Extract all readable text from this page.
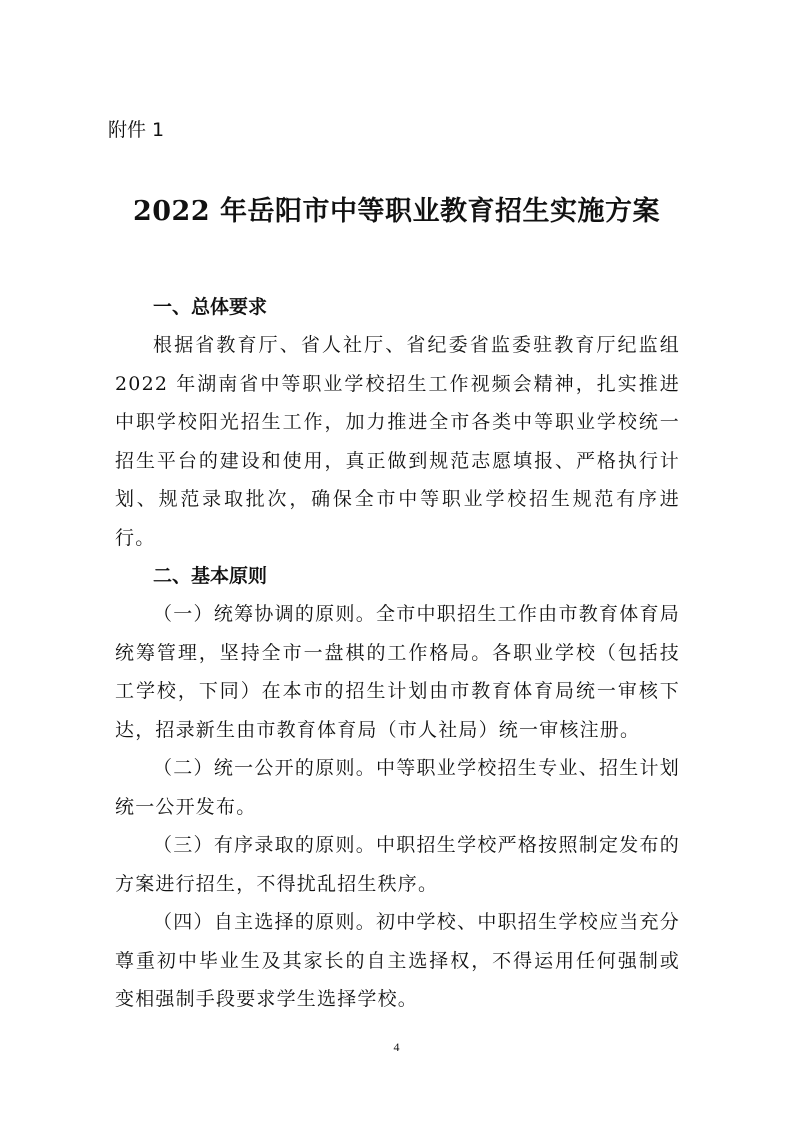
附件 1
2022 年岳阳市中等职业教育招生实施方案

一、总体要求

根据省教育厅、省人社厅、省纪委省监委驻教育厅纪监组 2022 年湖南省中等职业学校招生工作视频会精神，扎实推进中职学校阳光招生工作，加力推进全市各类中等职业学校统一招生平台的建设和使用，真正做到规范志愿填报、严格执行计划、规范录取批次，确保全市中等职业学校招生规范有序进行。

二、基本原则

（一）统筹协调的原则。全市中职招生工作由市教育体育局统筹管理，坚持全市一盘棋的工作格局。各职业学校（包括技工学校，下同）在本市的招生计划由市教育体育局统一审核下达，招录新生由市教育体育局（市人社局）统一审核注册。

（二）统一公开的原则。中等职业学校招生专业、招生计划统一公开发布。

（三）有序录取的原则。中职招生学校严格按照制定发布的方案进行招生，不得扰乱招生秩序。

（四）自主选择的原则。初中学校、中职招生学校应当充分尊重初中毕业生及其家长的自主选择权，不得运用任何强制或变相强制手段要求学生选择学校。

4
